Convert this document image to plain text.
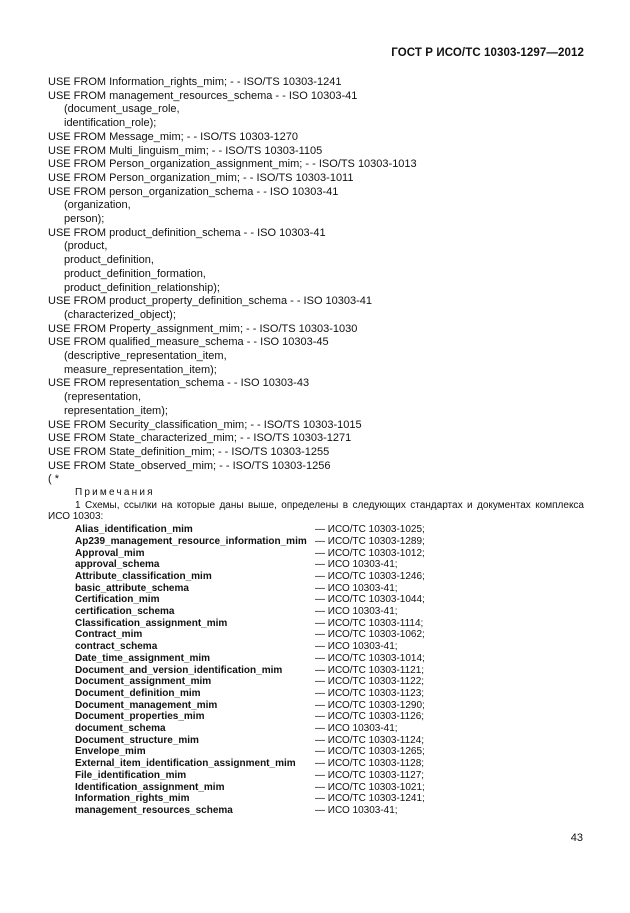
ГОСТ Р ИСО/ТС 10303-1297—2012
USE FROM Information_rights_mim; - - ISO/TS 10303-1241
USE FROM management_resources_schema - - ISO 10303-41
(document_usage_role,
identification_role);
USE FROM Message_mim; - - ISO/TS 10303-1270
USE FROM Multi_linguism_mim; - - ISO/TS 10303-1105
USE FROM Person_organization_assignment_mim; - - ISO/TS 10303-1013
USE FROM Person_organization_mim; - - ISO/TS 10303-1011
USE FROM person_organization_schema - - ISO 10303-41
(organization,
person);
USE FROM product_definition_schema - - ISO 10303-41
(product,
product_definition,
product_definition_formation,
product_definition_relationship);
USE FROM product_property_definition_schema - - ISO 10303-41
(characterized_object);
USE FROM Property_assignment_mim; - - ISO/TS 10303-1030
USE FROM qualified_measure_schema - - ISO 10303-45
(descriptive_representation_item,
measure_representation_item);
USE FROM representation_schema - - ISO 10303-43
(representation,
representation_item);
USE FROM Security_classification_mim; - - ISO/TS 10303-1015
USE FROM State_characterized_mim; - - ISO/TS 10303-1271
USE FROM State_definition_mim; - - ISO/TS 10303-1255
USE FROM State_observed_mim; - - ISO/TS 10303-1256
( *
Примечания
1 Схемы, ссылки на которые даны выше, определены в следующих стандартах и документах комплекса ИСО 10303:
Alias_identification_mim	— ИСО/ТС 10303-1025;
Ap239_management_resource_information_mim	— ИСО/ТС 10303-1289;
Approval_mim	— ИСО/ТС 10303-1012;
approval_schema	— ИСО 10303-41;
Attribute_classification_mim	— ИСО/ТС 10303-1246;
basic_attribute_schema	— ИСО 10303-41;
Certification_mim	— ИСО/ТС 10303-1044;
certification_schema	— ИСО 10303-41;
Classification_assignment_mim	— ИСО/ТС 10303-1114;
Contract_mim	— ИСО/ТС 10303-1062;
contract_schema	— ИСО 10303-41;
Date_time_assignment_mim	— ИСО/ТС 10303-1014;
Document_and_version_identification_mim	— ИСО/ТС 10303-1121;
Document_assignment_mim	— ИСО/ТС 10303-1122;
Document_definition_mim	— ИСО/ТС 10303-1123;
Document_management_mim	— ИСО/ТС 10303-1290;
Document_properties_mim	— ИСО/ТС 10303-1126;
document_schema	— ИСО 10303-41;
Document_structure_mim	— ИСО/ТС 10303-1124;
Envelope_mim	— ИСО/ТС 10303-1265;
External_item_identification_assignment_mim	— ИСО/ТС 10303-1128;
File_identification_mim	— ИСО/ТС 10303-1127;
Identification_assignment_mim	— ИСО/ТС 10303-1021;
Information_rights_mim	— ИСО/ТС 10303-1241;
management_resources_schema	— ИСО 10303-41;
43
